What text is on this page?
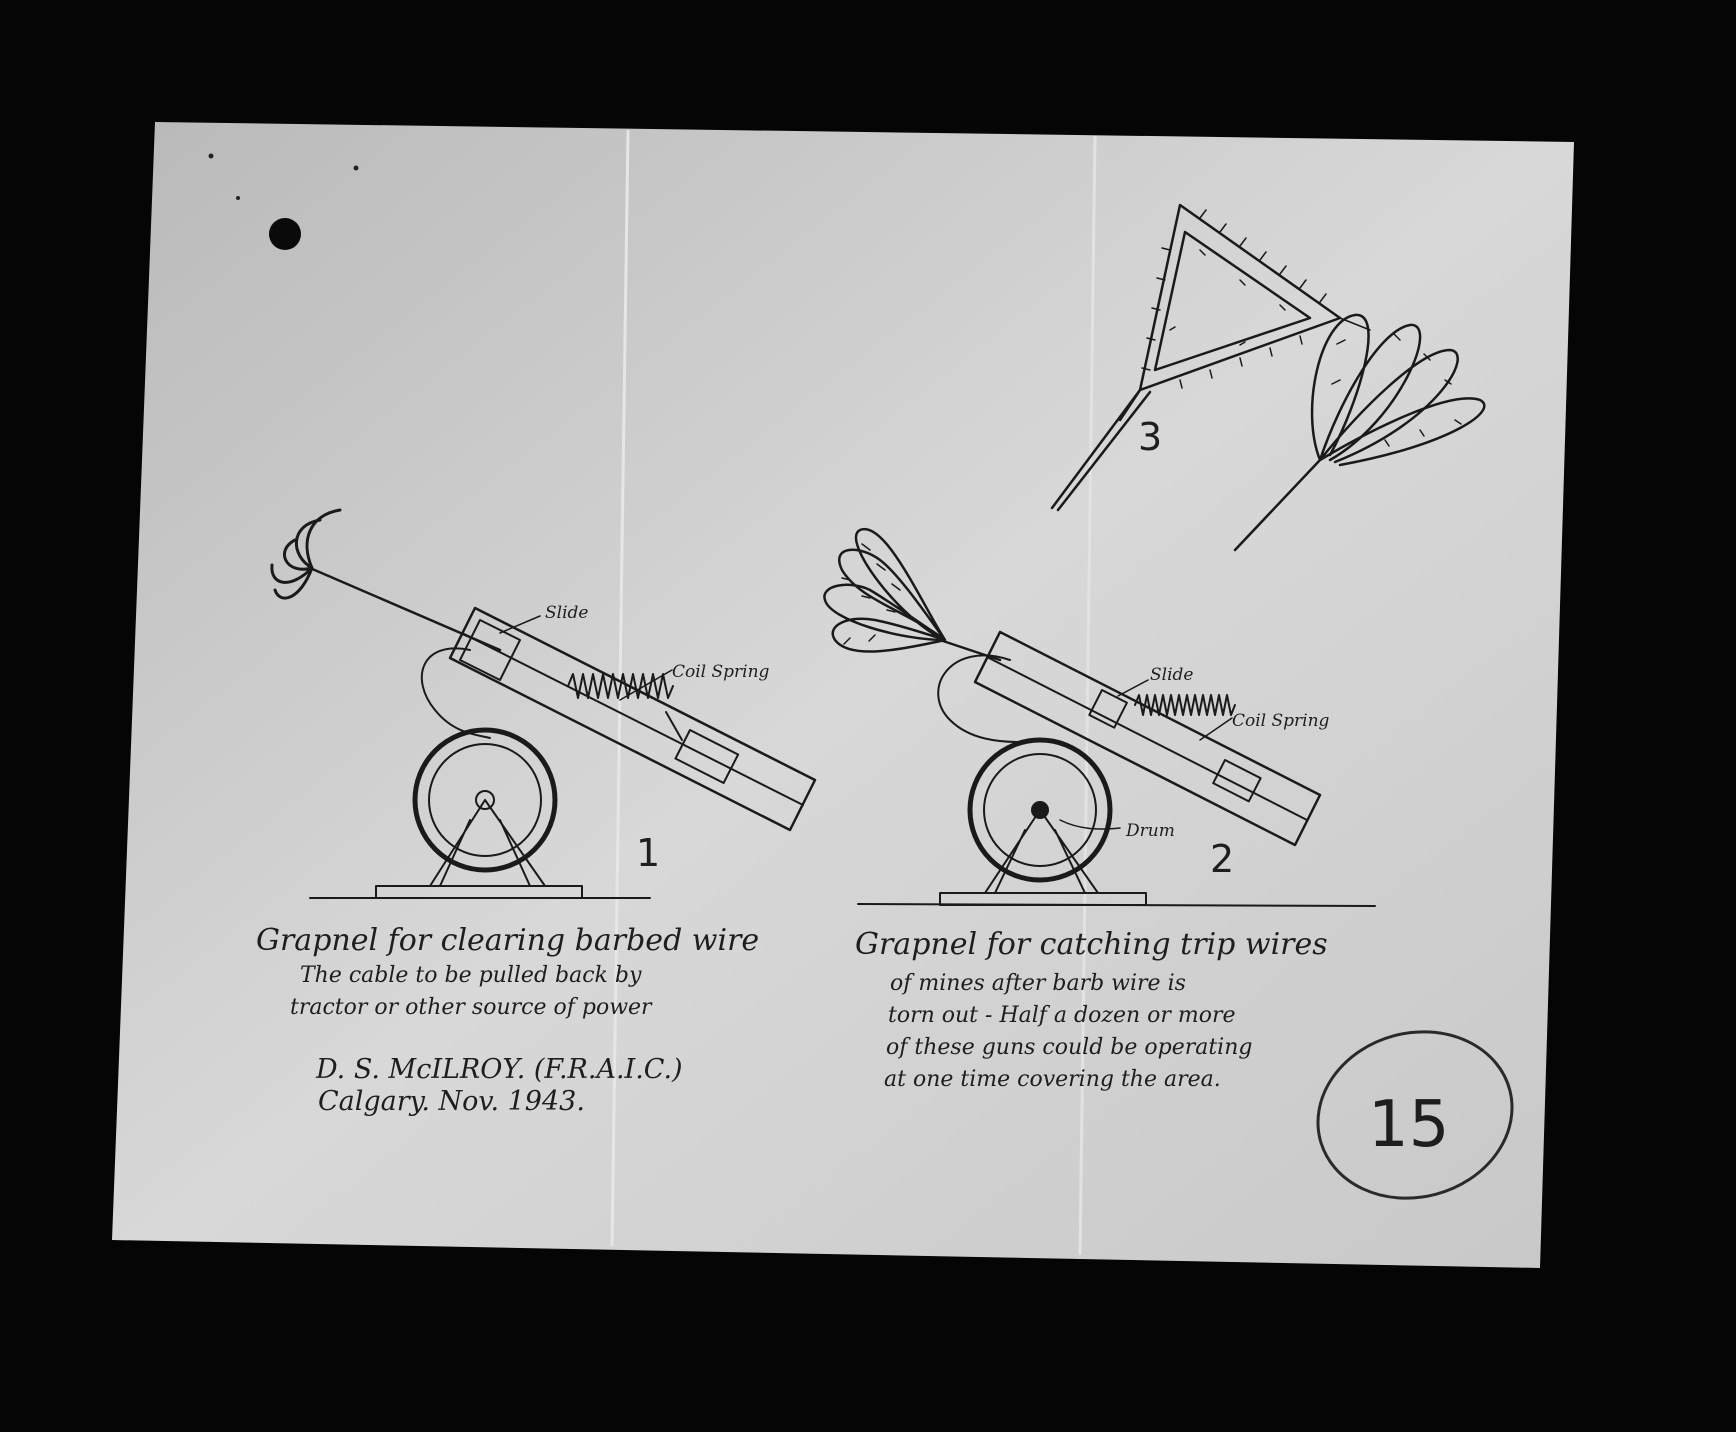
Slide
Coil Spring
1
Slide
Coil Spring
Drum
2
3
Grapnel for clearing barbed wire
The cable to be pulled back by
tractor or other source of power
Grapnel for catching trip wires
of mines after barb wire is
torn out - Half a dozen or more
of these guns could be operating
at one time covering the area.
D. S. McILROY. (F.R.A.I.C.)
Calgary. Nov. 1943.	15
